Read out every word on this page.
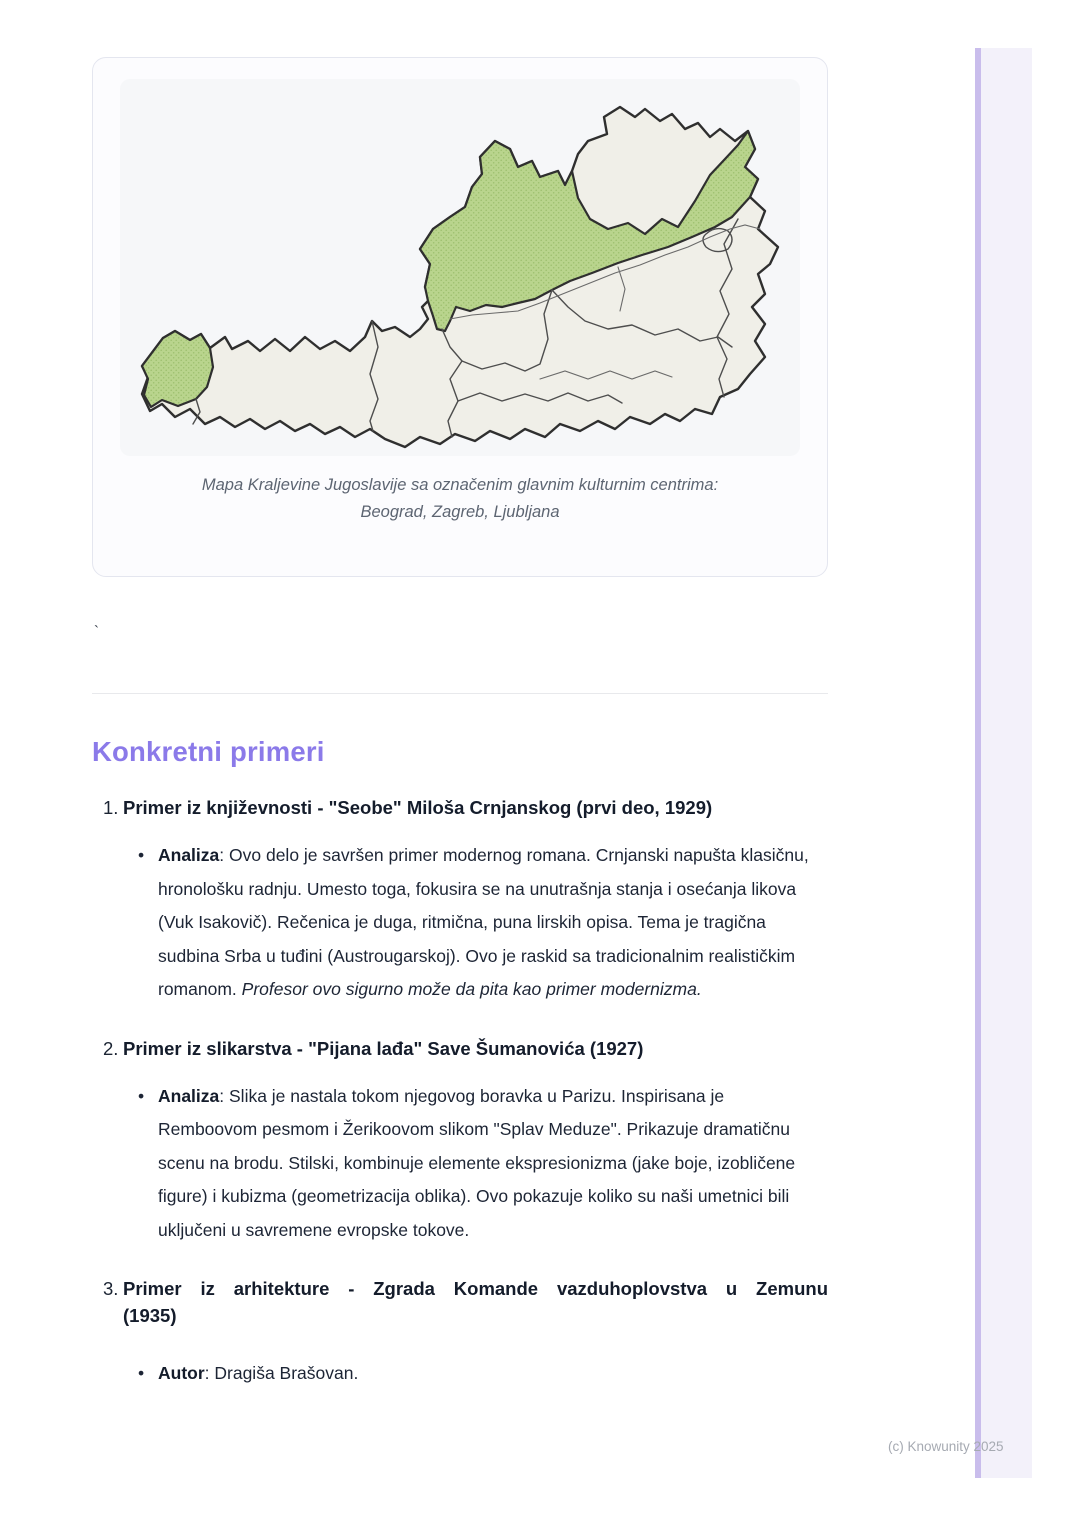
Mapa Kraljevine Jugoslavije sa označenim glavnim kulturnim centrima:
Beograd, Zagreb, Ljubljana
`
Konkretni primeri
1. Primer iz književnosti - "Seobe" Miloša Crnjanskog (prvi deo, 1929)
• Analiza: Ovo delo je savršen primer modernog romana. Crnjanski napušta klasičnu, hronološku radnju. Umesto toga, fokusira se na unutrašnja stanja i osećanja likova (Vuk Isakovič). Rečenica je duga, ritmična, puna lirskih opisa. Tema je tragična sudbina Srba u tuđini (Austrougarskoj). Ovo je raskid sa tradicionalnim realističkim romanom. Profesor ovo sigurno može da pita kao primer modernizma.
2. Primer iz slikarstva - "Pijana lađa" Save Šumanovića (1927)
• Analiza: Slika je nastala tokom njegovog boravka u Parizu. Inspirisana je Remboovom pesmom i Žerikoovom slikom "Splav Meduze". Prikazuje dramatičnu scenu na brodu. Stilski, kombinuje elemente ekspresionizma (jake boje, izobličene figure) i kubizma (geometrizacija oblika). Ovo pokazuje koliko su naši umetnici bili uključeni u savremene evropske tokove.
3. Primer iz arhitekture - Zgrada Komande vazduhoplovstva u Zemunu
(1935)
• Autor: Dragiša Brašovan.
(c) Knowunity 2025
